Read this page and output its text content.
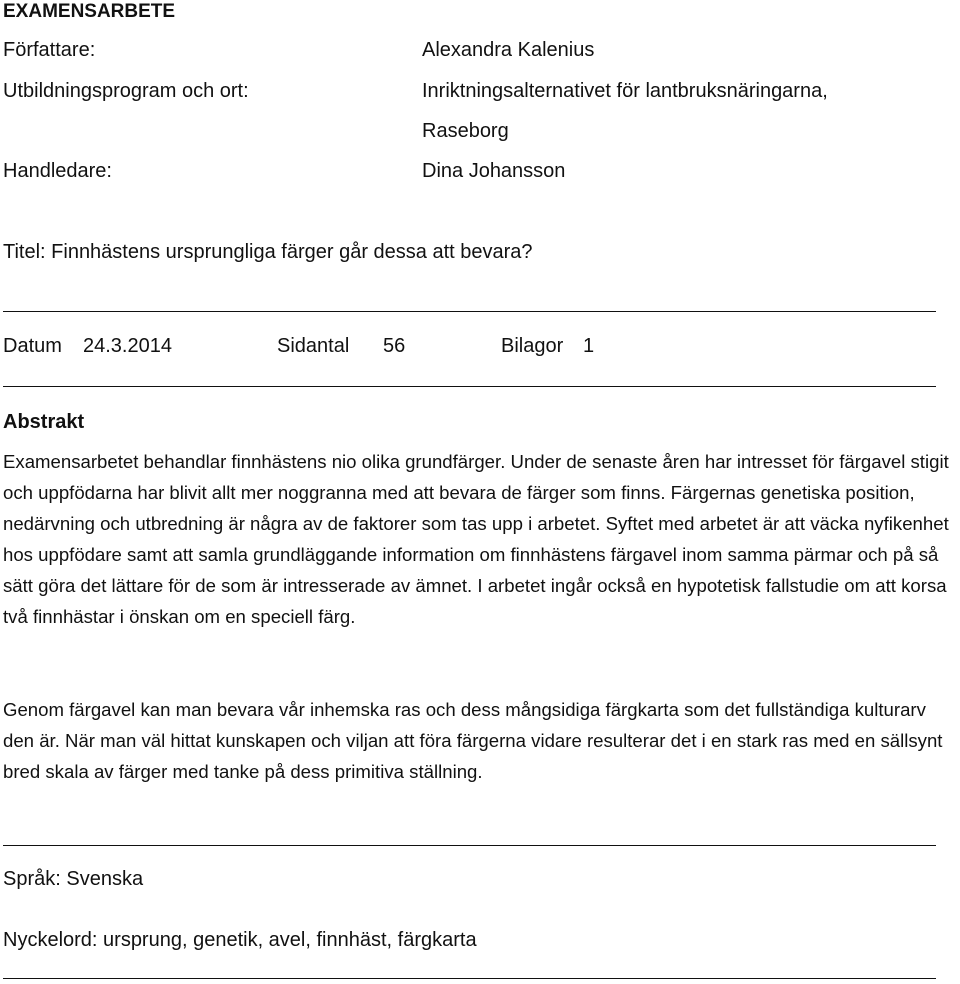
EXAMENSARBETE
Författare:	Alexandra Kalenius
Utbildningsprogram och ort:	Inriktningsalternativet för lantbruksnäringarna,
Raseborg
Handledare:	Dina Johansson
Titel: Finnhästens ursprungliga färger går dessa att bevara?
Datum 24.3.2014	Sidantal 56	Bilagor 1
Abstrakt
Examensarbetet behandlar finnhästens nio olika grundfärger. Under de senaste åren har intresset för färgavel stigit och uppfödarna har blivit allt mer noggranna med att bevara de färger som finns. Färgernas genetiska position, nedärvning och utbredning är några av de faktorer som tas upp i arbetet. Syftet med arbetet är att väcka nyfikenhet hos uppfödare samt att samla grundläggande information om finnhästens färgavel inom samma pärmar och på så sätt göra det lättare för de som är intresserade av ämnet. I arbetet ingår också en hypotetisk fallstudie om att korsa två finnhästar i önskan om en speciell färg.
Genom färgavel kan man bevara vår inhemska ras och dess mångsidiga färgkarta som det fullständiga kulturarv den är. När man väl hittat kunskapen och viljan att föra färgerna vidare resulterar det i en stark ras med en sällsynt bred skala av färger med tanke på dess primitiva ställning.
Språk: Svenska
Nyckelord: ursprung, genetik, avel, finnhäst, färgkarta
